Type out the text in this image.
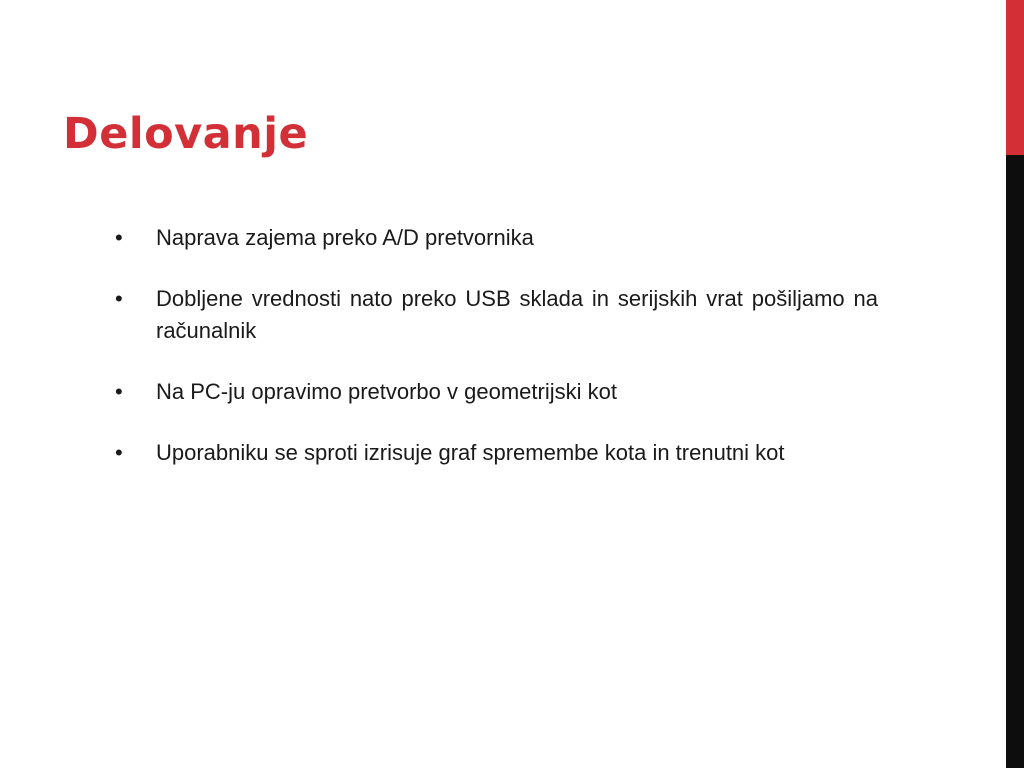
Delovanje
•	Naprava zajema preko A/D pretvornika
•	Dobljene vrednosti nato preko USB sklada in serijskih vrat pošiljamo na računalnik
•	Na PC-ju opravimo pretvorbo v geometrijski kot
•	Uporabniku se sproti izrisuje graf spremembe kota in trenutni kot
